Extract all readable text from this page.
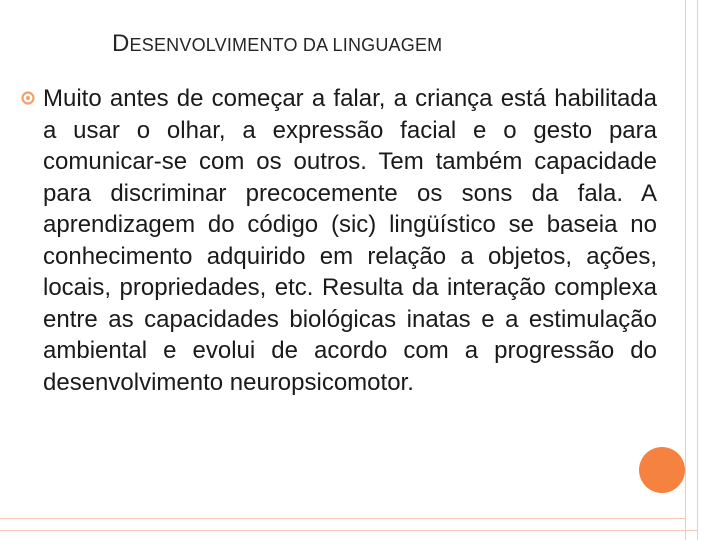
DESENVOLVIMENTO DA LINGUAGEM
Muito antes de começar a falar, a criança está habilitada a usar o olhar, a expressão facial e o gesto para comunicar-se com os outros. Tem também capacidade para discriminar precocemente os sons da fala. A aprendizagem do código (sic) lingüístico se baseia no conhecimento adquirido em relação a objetos, ações, locais, propriedades, etc. Resulta da interação complexa entre as capacidades biológicas inatas e a estimulação ambiental e evolui de acordo com a progressão do desenvolvimento neuropsicomotor.
